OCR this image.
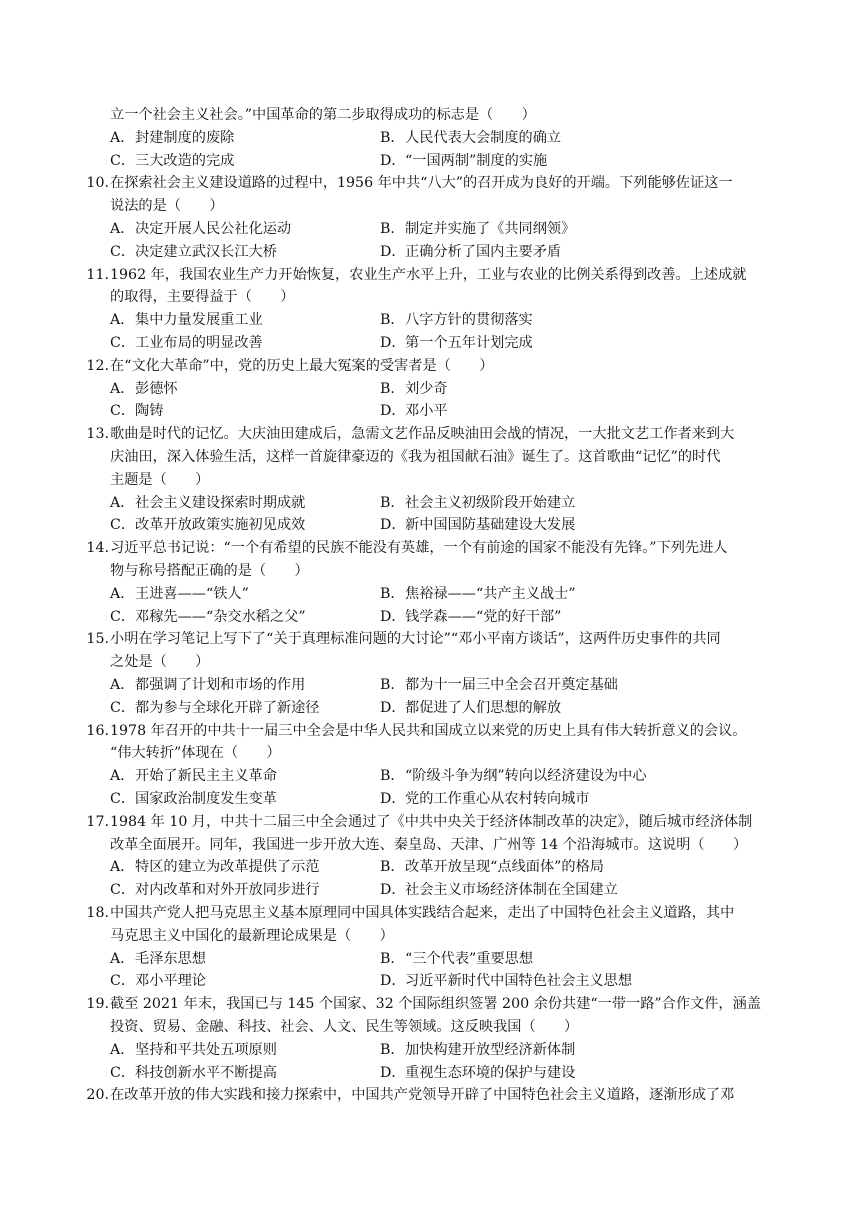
立一个社会主义社会。”中国革命的第二步取得成功的标志是（　　）
A．封建制度的废除	B．人民代表大会制度的确立
C．三大改造的完成	D．“一国两制”制度的实施
10. 在探索社会主义建设道路的过程中，1956 年中共“八大”的召开成为良好的开端。下列能够佐证这一
说法的是（　　）
A．决定开展人民公社化运动	B．制定并实施了《共同纲领》
C．决定建立武汉长江大桥	D．正确分析了国内主要矛盾
11. 1962 年，我国农业生产力开始恢复，农业生产水平上升，工业与农业的比例关系得到改善。上述成就
的取得，主要得益于（　　）
A．集中力量发展重工业	B．八字方针的贯彻落实
C．工业布局的明显改善	D．第一个五年计划完成
12. 在“文化大革命”中，党的历史上最大冤案的受害者是（　　）
A．彭德怀	B．刘少奇
C．陶铸	D．邓小平
13. 歌曲是时代的记忆。大庆油田建成后，急需文艺作品反映油田会战的情况，一大批文艺工作者来到大
庆油田，深入体验生活，这样一首旋律豪迈的《我为祖国献石油》诞生了。这首歌曲“记忆”的时代
主题是（　　）
A．社会主义建设探索时期成就	B．社会主义初级阶段开始建立
C．改革开放政策实施初见成效	D．新中国国防基础建设大发展
14. 习近平总书记说：“一个有希望的民族不能没有英雄，一个有前途的国家不能没有先锋。”下列先进人
物与称号搭配正确的是（　　）
A．王进喜——“铁人”	B．焦裕禄——“共产主义战士”
C．邓稼先——“杂交水稻之父”	D．钱学森——“党的好干部”
15. 小明在学习笔记上写下了“关于真理标准问题的大讨论”“邓小平南方谈话”，这两件历史事件的共同
之处是（　　）
A．都强调了计划和市场的作用	B．都为十一届三中全会召开奠定基础
C．都为参与全球化开辟了新途径	D．都促进了人们思想的解放
16. 1978 年召开的中共十一届三中全会是中华人民共和国成立以来党的历史上具有伟大转折意义的会议。
“伟大转折”体现在（　　）
A．开始了新民主主义革命	B．“阶级斗争为纲”转向以经济建设为中心
C．国家政治制度发生变革	D．党的工作重心从农村转向城市
17. 1984 年 10 月，中共十二届三中全会通过了《中共中央关于经济体制改革的决定》，随后城市经济体制
改革全面展开。同年，我国进一步开放大连、秦皇岛、天津、广州等 14 个沿海城市。这说明（　　）
A．特区的建立为改革提供了示范	B．改革开放呈现“点线面体”的格局
C．对内改革和对外开放同步进行	D．社会主义市场经济体制在全国建立
18. 中国共产党人把马克思主义基本原理同中国具体实践结合起来，走出了中国特色社会主义道路，其中
马克思主义中国化的最新理论成果是（　　）
A．毛泽东思想	B．“三个代表”重要思想
C．邓小平理论	D．习近平新时代中国特色社会主义思想
19. 截至 2021 年末，我国已与 145 个国家、32 个国际组织签署 200 余份共建“一带一路”合作文件，涵盖
投资、贸易、金融、科技、社会、人文、民生等领域。这反映我国（　　）
A．坚持和平共处五项原则	B．加快构建开放型经济新体制
C．科技创新水平不断提高	D．重视生态环境的保护与建设
20. 在改革开放的伟大实践和接力探索中，中国共产党领导开辟了中国特色社会主义道路，逐渐形成了邓
